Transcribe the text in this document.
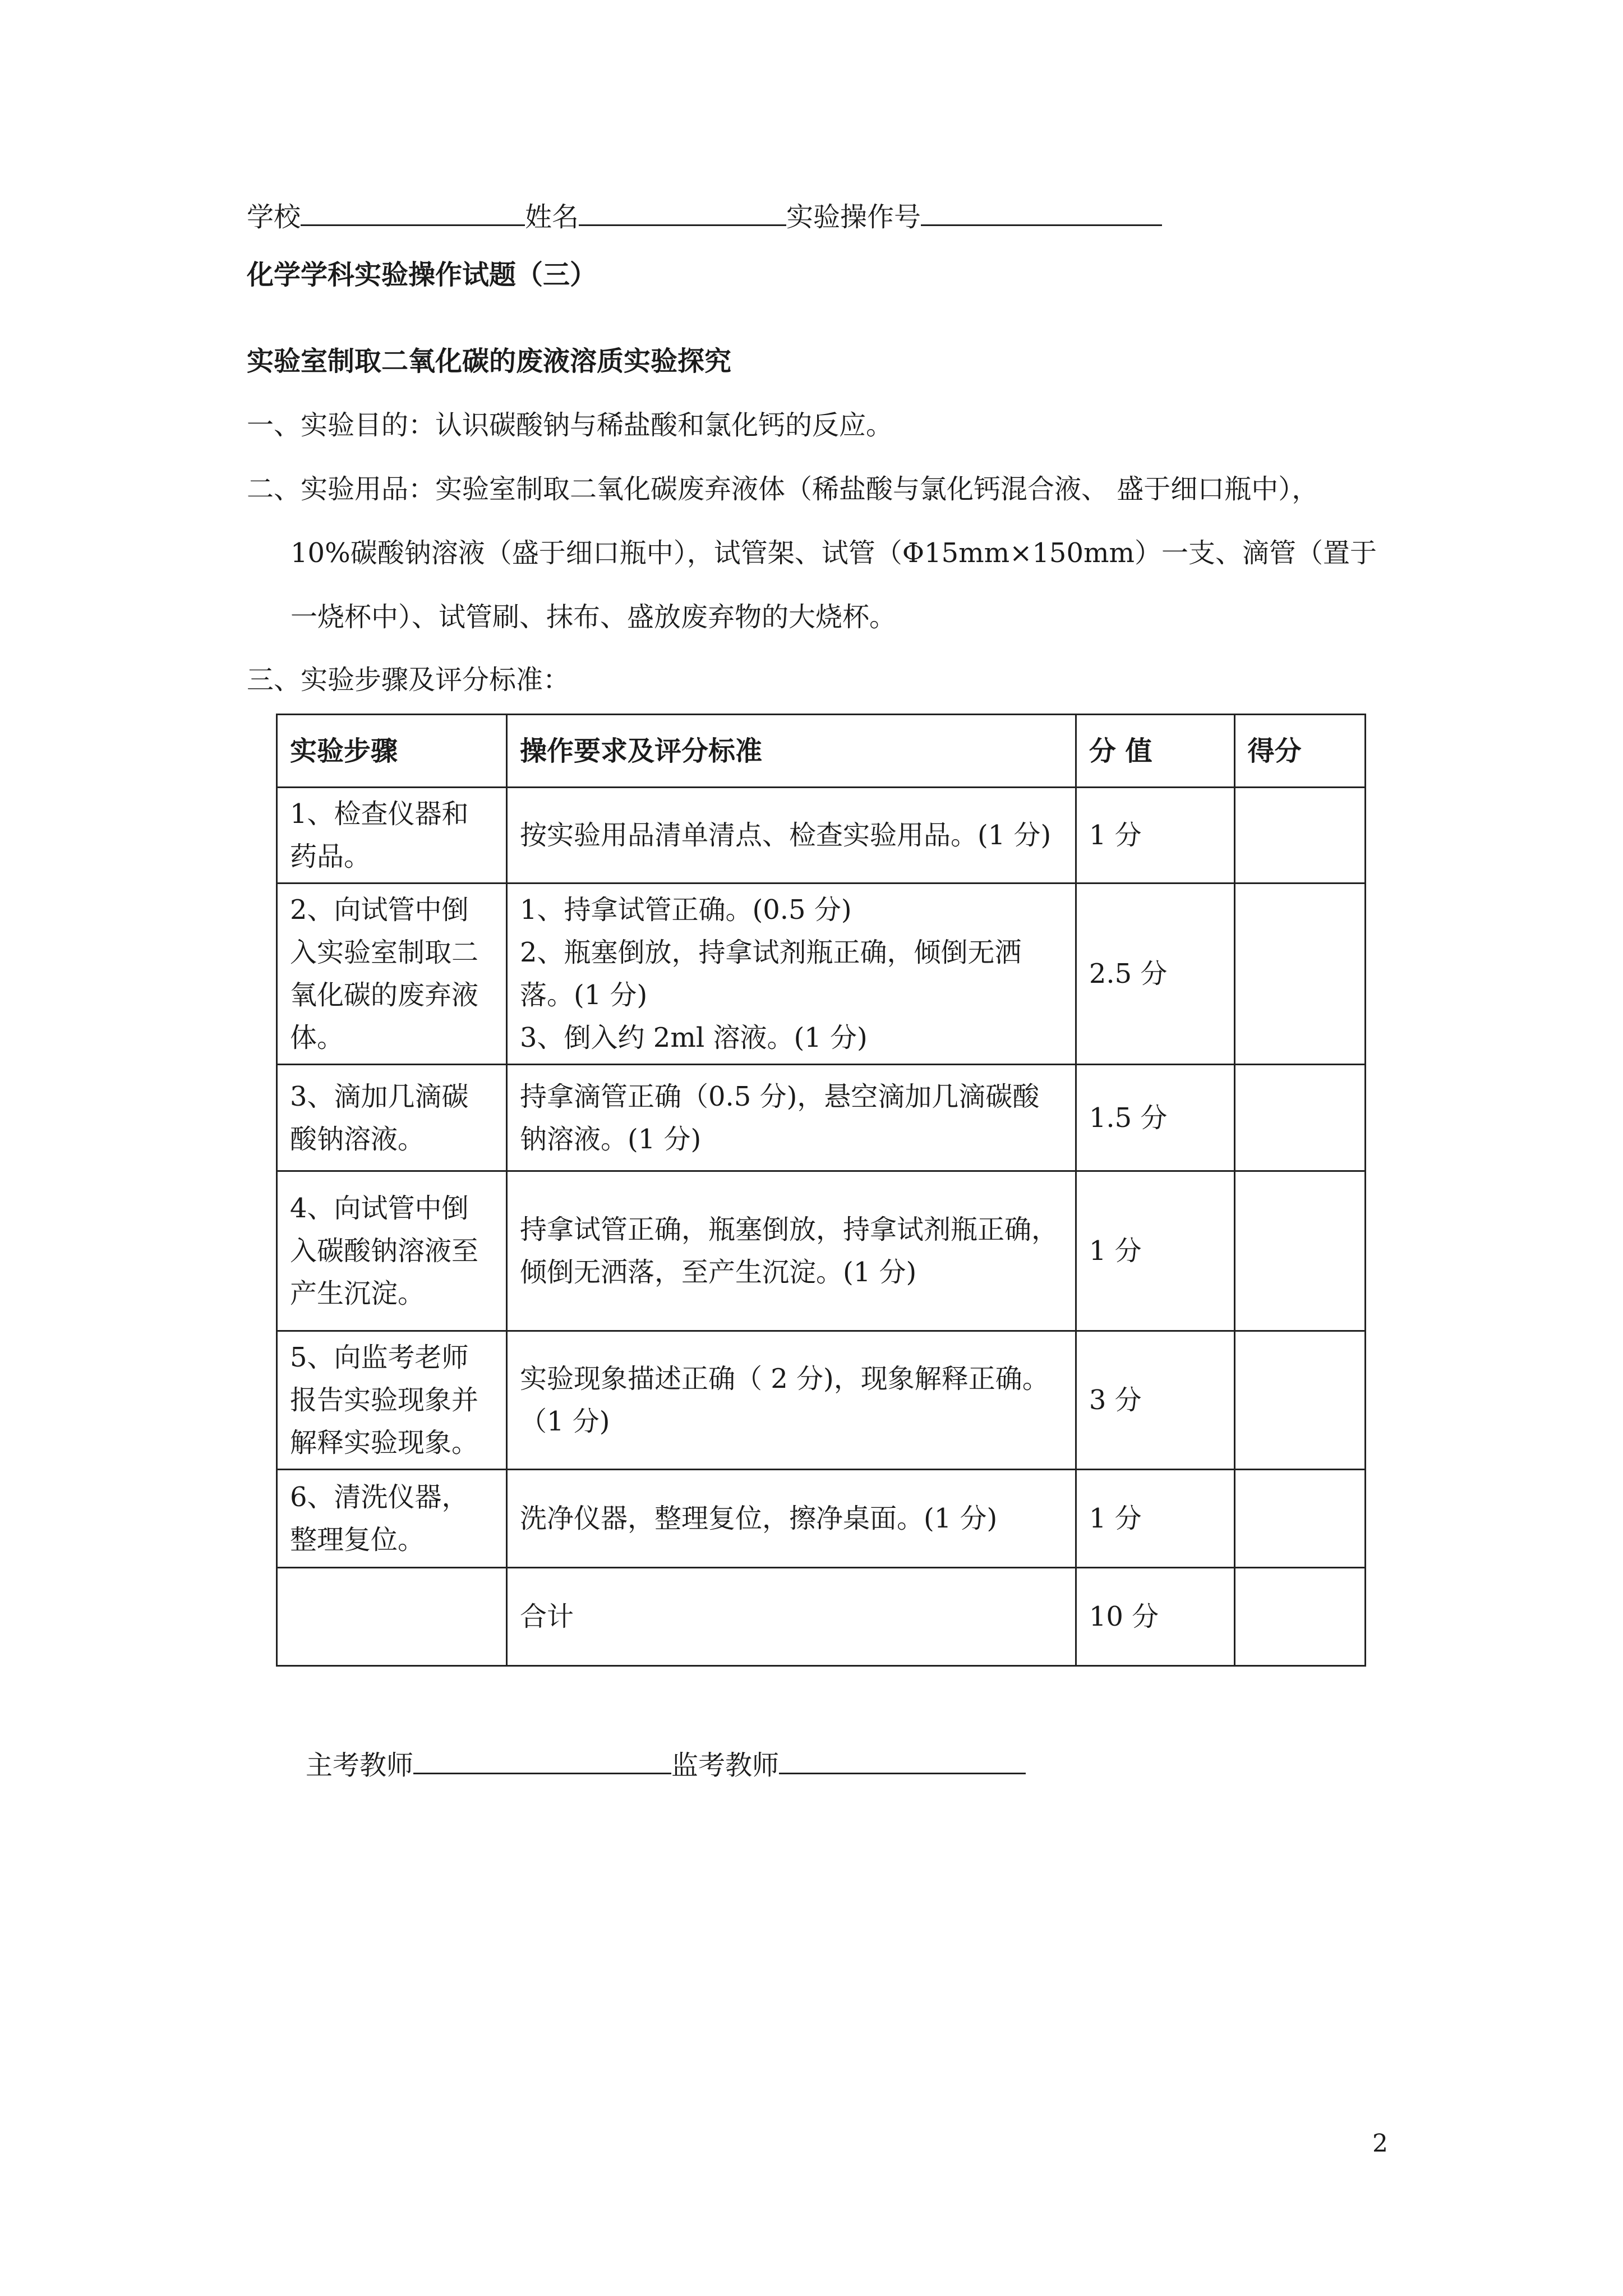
学校	姓名	实验操作号
化学学科实验操作试题（三）
实验室制取二氧化碳的废液溶质实验探究
一、实验目的：认识碳酸钠与稀盐酸和氯化钙的反应。
二、实验用品：实验室制取二氧化碳废弃液体（稀盐酸与氯化钙混合液、 盛于细口瓶中），
10%碳酸钠溶液（盛于细口瓶中），试管架、试管（Φ15mm×150mm）一支、滴管（置于
一烧杯中）、试管刷、抹布、盛放废弃物的大烧杯。
三、实验步骤及评分标准：
实验步骤	操作要求及评分标准	分 值	得分
1、检查仪器和药品。	按实验用品清单清点、检查实验用品。(1 分)	1 分	
2、向试管中倒入实验室制取二氧化碳的废弃液体。	1、持拿试管正确。(0.5 分)
2、瓶塞倒放，持拿试剂瓶正确，倾倒无洒
落。(1 分)
3、倒入约 2ml 溶液。(1 分)	2.5 分	
3、滴加几滴碳酸钠溶液。	持拿滴管正确（0.5 分)，悬空滴加几滴碳酸
钠溶液。(1 分)	1.5 分	
4、向试管中倒入碳酸钠溶液至产生沉淀。	持拿试管正确，瓶塞倒放，持拿试剂瓶正确，
倾倒无洒落，至产生沉淀。(1 分)	1 分	
5、向监考老师报告实验现象并解释实验现象。	实验现象描述正确（ 2 分)，现象解释正确。
（1 分)	3 分	
6、清洗仪器，整理复位。	洗净仪器，整理复位，擦净桌面。(1 分)	1 分	

	合计	10 分	
主考教师	监考教师
2
